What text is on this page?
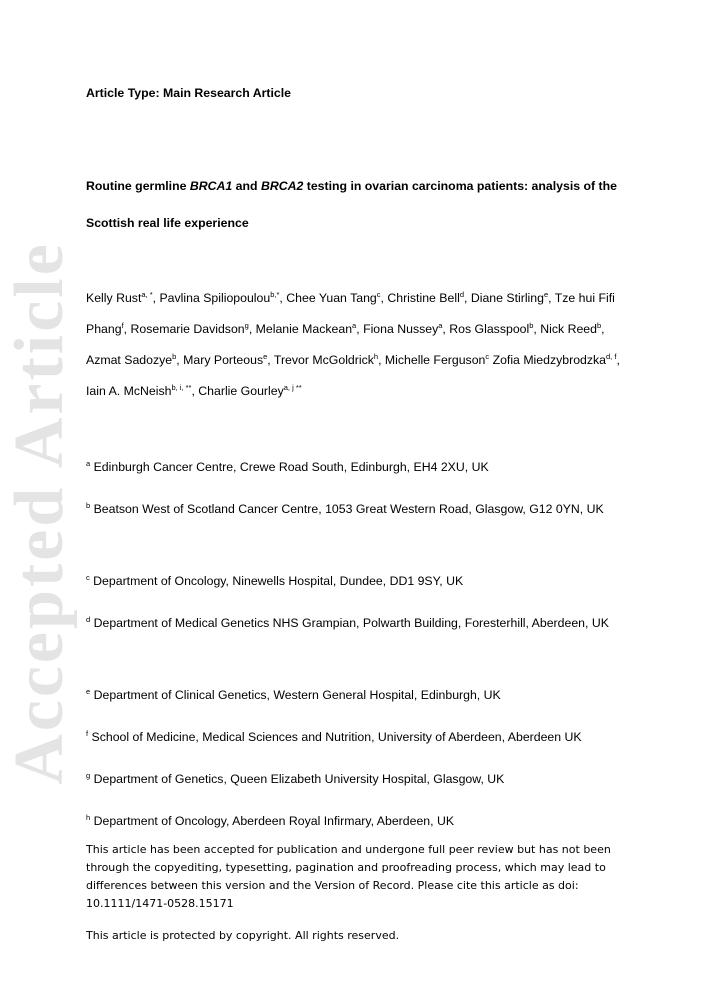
Accepted Article
Article Type: Main Research Article
Routine germline BRCA1 and BRCA2 testing in ovarian carcinoma patients: analysis of the Scottish real life experience
Kelly Rust$^{a, *}$, Pavlina Spiliopoulou$^{b,*}$, Chee Yuan Tang$^c$, Christine Bell$^d$, Diane Stirling$^e$, Tze hui Fifi Phang$^f$, Rosemarie Davidson$^g$, Melanie Mackean$^a$, Fiona Nussey$^a$, Ros Glasspool$^b$, Nick Reed$^b$, Azmat Sadozye$^b$, Mary Porteous$^e$, Trevor McGoldrick$^h$, Michelle Ferguson$^c$ Zofia Miedzybrodzka$^{d, f}$, Iain A. McNeish$^{b, i, **}$, Charlie Gourley$^{a, j **}$
$^a$ Edinburgh Cancer Centre, Crewe Road South, Edinburgh, EH4 2XU, UK
$^b$ Beatson West of Scotland Cancer Centre, 1053 Great Western Road, Glasgow, G12 0YN, UK
$^c$ Department of Oncology, Ninewells Hospital, Dundee, DD1 9SY, UK
$^d$ Department of Medical Genetics NHS Grampian, Polwarth Building, Foresterhill, Aberdeen, UK
$^e$ Department of Clinical Genetics, Western General Hospital, Edinburgh, UK
$^f$ School of Medicine, Medical Sciences and Nutrition, University of Aberdeen, Aberdeen UK
$^g$ Department of Genetics, Queen Elizabeth University Hospital, Glasgow, UK
$^h$ Department of Oncology, Aberdeen Royal Infirmary, Aberdeen, UK
This article has been accepted for publication and undergone full peer review but has not been through the copyediting, typesetting, pagination and proofreading process, which may lead to differences between this version and the Version of Record. Please cite this article as doi: 10.1111/1471-0528.15171
This article is protected by copyright. All rights reserved.
